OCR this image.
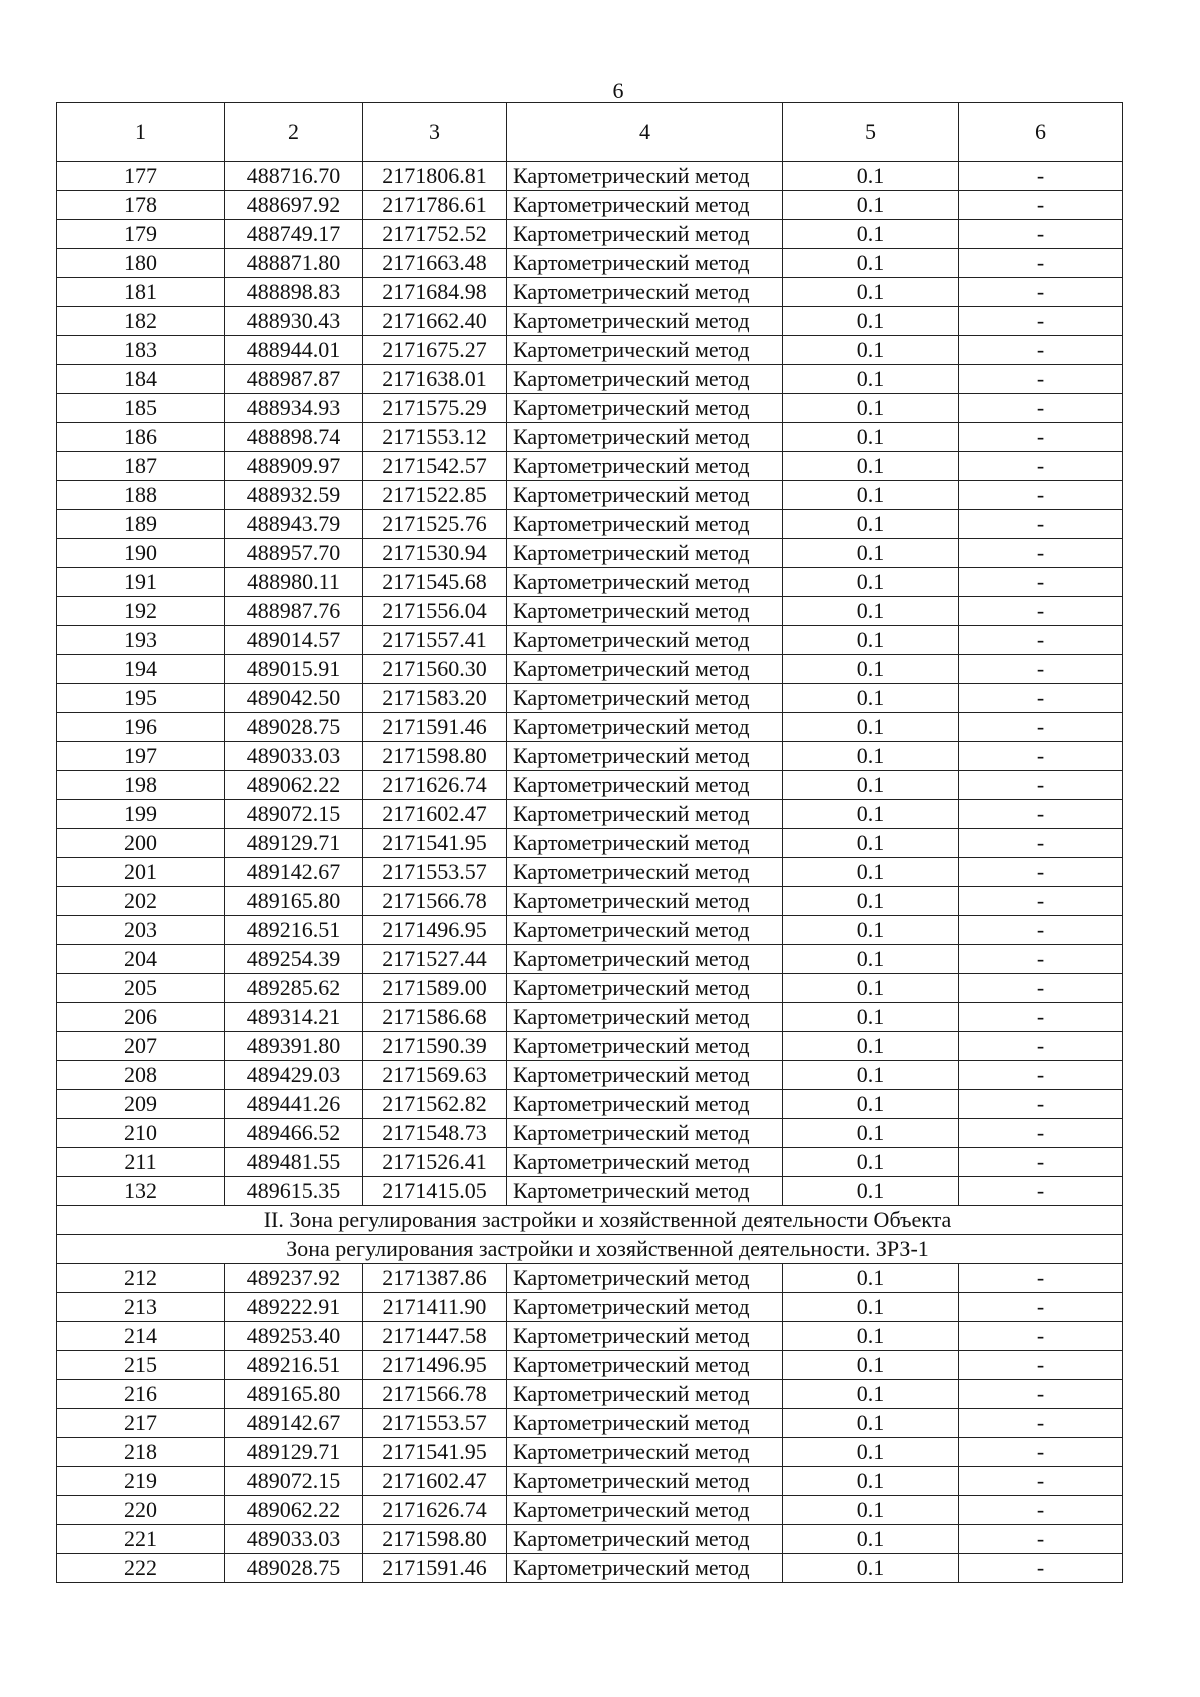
6
1	2	3	4	5	6
177	488716.70	2171806.81	Картометрический метод	0.1	-
178	488697.92	2171786.61	Картометрический метод	0.1	-
179	488749.17	2171752.52	Картометрический метод	0.1	-
180	488871.80	2171663.48	Картометрический метод	0.1	-
181	488898.83	2171684.98	Картометрический метод	0.1	-
182	488930.43	2171662.40	Картометрический метод	0.1	-
183	488944.01	2171675.27	Картометрический метод	0.1	-
184	488987.87	2171638.01	Картометрический метод	0.1	-
185	488934.93	2171575.29	Картометрический метод	0.1	-
186	488898.74	2171553.12	Картометрический метод	0.1	-
187	488909.97	2171542.57	Картометрический метод	0.1	-
188	488932.59	2171522.85	Картометрический метод	0.1	-
189	488943.79	2171525.76	Картометрический метод	0.1	-
190	488957.70	2171530.94	Картометрический метод	0.1	-
191	488980.11	2171545.68	Картометрический метод	0.1	-
192	488987.76	2171556.04	Картометрический метод	0.1	-
193	489014.57	2171557.41	Картометрический метод	0.1	-
194	489015.91	2171560.30	Картометрический метод	0.1	-
195	489042.50	2171583.20	Картометрический метод	0.1	-
196	489028.75	2171591.46	Картометрический метод	0.1	-
197	489033.03	2171598.80	Картометрический метод	0.1	-
198	489062.22	2171626.74	Картометрический метод	0.1	-
199	489072.15	2171602.47	Картометрический метод	0.1	-
200	489129.71	2171541.95	Картометрический метод	0.1	-
201	489142.67	2171553.57	Картометрический метод	0.1	-
202	489165.80	2171566.78	Картометрический метод	0.1	-
203	489216.51	2171496.95	Картометрический метод	0.1	-
204	489254.39	2171527.44	Картометрический метод	0.1	-
205	489285.62	2171589.00	Картометрический метод	0.1	-
206	489314.21	2171586.68	Картометрический метод	0.1	-
207	489391.80	2171590.39	Картометрический метод	0.1	-
208	489429.03	2171569.63	Картометрический метод	0.1	-
209	489441.26	2171562.82	Картометрический метод	0.1	-
210	489466.52	2171548.73	Картометрический метод	0.1	-
211	489481.55	2171526.41	Картометрический метод	0.1	-
132	489615.35	2171415.05	Картометрический метод	0.1	-
II. Зона регулирования застройки и хозяйственной деятельности Объекта					
Зона регулирования застройки и хозяйственной деятельности. ЗРЗ-1					
212	489237.92	2171387.86	Картометрический метод	0.1	-
213	489222.91	2171411.90	Картометрический метод	0.1	-
214	489253.40	2171447.58	Картометрический метод	0.1	-
215	489216.51	2171496.95	Картометрический метод	0.1	-
216	489165.80	2171566.78	Картометрический метод	0.1	-
217	489142.67	2171553.57	Картометрический метод	0.1	-
218	489129.71	2171541.95	Картометрический метод	0.1	-
219	489072.15	2171602.47	Картометрический метод	0.1	-
220	489062.22	2171626.74	Картометрический метод	0.1	-
221	489033.03	2171598.80	Картометрический метод	0.1	-
222	489028.75	2171591.46	Картометрический метод	0.1	-
